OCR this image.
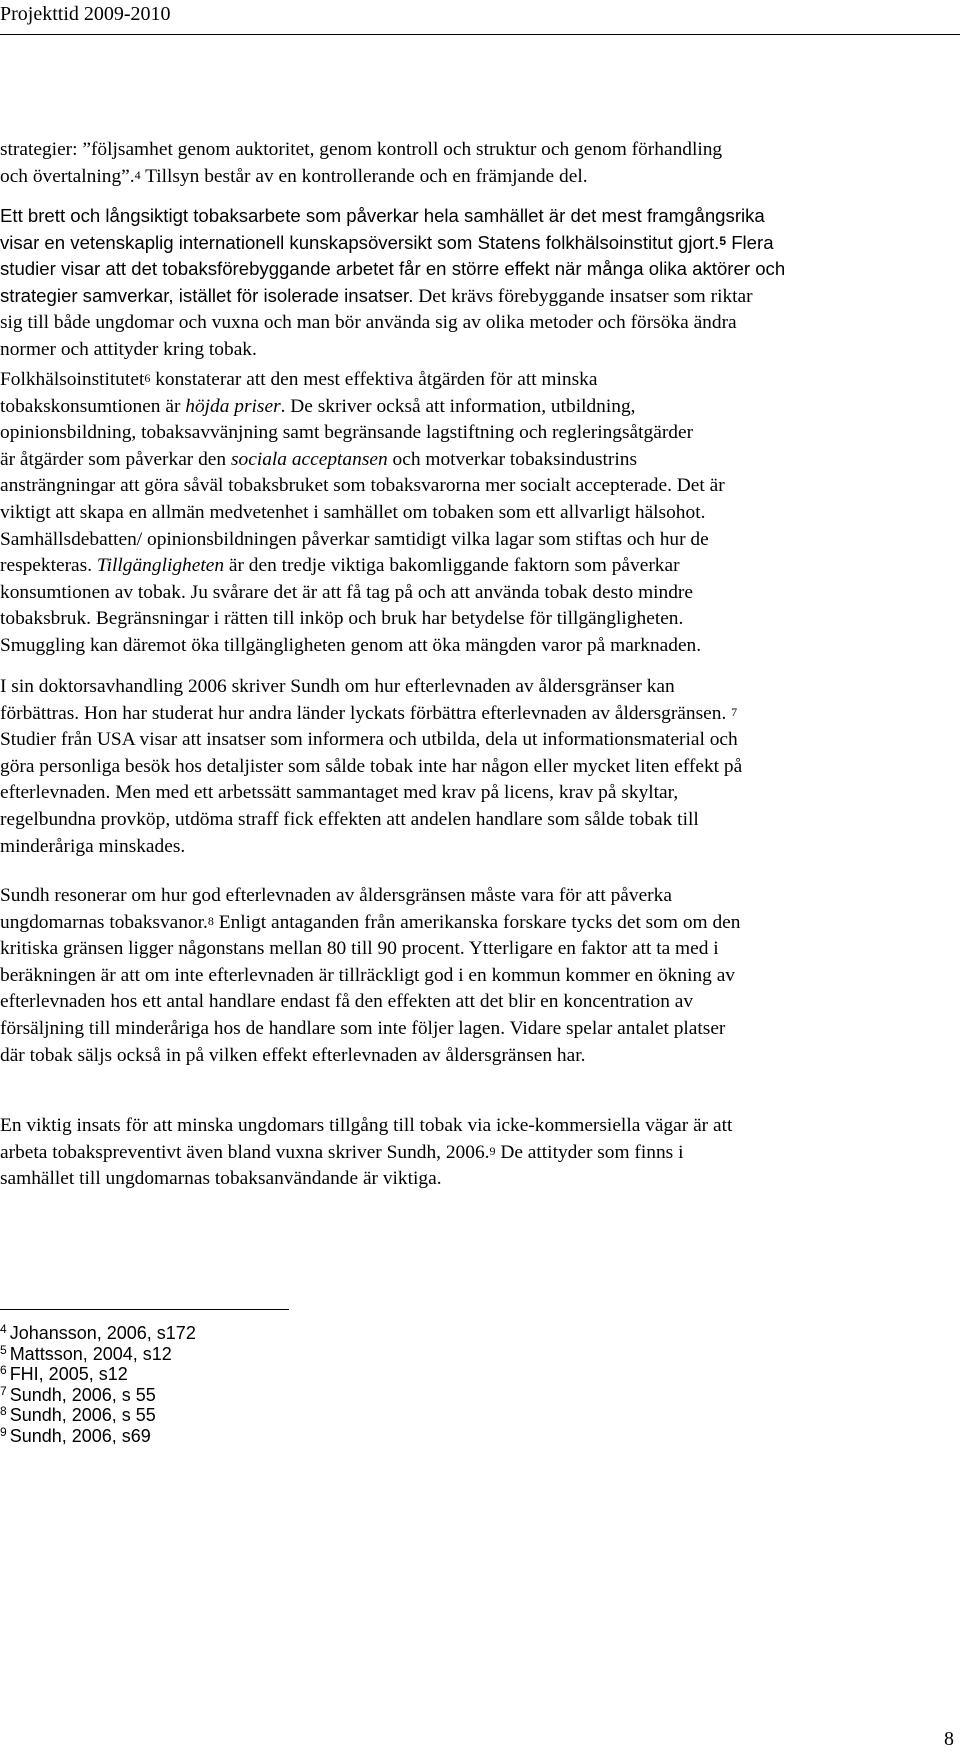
Projekttid 2009-2010
strategier: ”följsamhet genom auktoritet, genom kontroll och struktur och genom förhandling
och övertalning”.$^4$ Tillsyn består av en kontrollerande och en främjande del.
Ett brett och långsiktigt tobaksarbete som påverkar hela samhället är det mest framgångsrika
visar en vetenskaplig internationell kunskapsöversikt som Statens folkhälsoinstitut gjort.$^5$ Flera
studier visar att det tobaksförebyggande arbetet får en större effekt när många olika aktörer och
strategier samverkar, istället för isolerade insatser. Det krävs förebyggande insatser som riktar
sig till både ungdomar och vuxna och man bör använda sig av olika metoder och försöka ändra
normer och attityder kring tobak.
Folkhälsoinstitutet$^6$ konstaterar att den mest effektiva åtgärden för att minska
tobakskonsumtionen är höjda priser. De skriver också att information, utbildning,
opinionsbildning, tobaksavvänjning samt begränsande lagstiftning och regleringsåtgärder
är åtgärder som påverkar den sociala acceptansen och motverkar tobaksindustrins
ansträngningar att göra såväl tobaksbruket som tobaksvarorna mer socialt accepterade. Det är
viktigt att skapa en allmän medvetenhet i samhället om tobaken som ett allvarligt hälsohot.
Samhällsdebatten/ opinionsbildningen påverkar samtidigt vilka lagar som stiftas och hur de
respekteras. Tillgängligheten är den tredje viktiga bakomliggande faktorn som påverkar
konsumtionen av tobak. Ju svårare det är att få tag på och att använda tobak desto mindre
tobaksbruk. Begränsningar i rätten till inköp och bruk har betydelse för tillgängligheten.
Smuggling kan däremot öka tillgängligheten genom att öka mängden varor på marknaden.
I sin doktorsavhandling 2006 skriver Sundh om hur efterlevnaden av åldersgränser kan
förbättras. Hon har studerat hur andra länder lyckats förbättra efterlevnaden av åldersgränsen. $^7$
Studier från USA visar att insatser som informera och utbilda, dela ut informationsmaterial och
göra personliga besök hos detaljister som sålde tobak inte har någon eller mycket liten effekt på
efterlevnaden. Men med ett arbetssätt sammantaget med krav på licens, krav på skyltar,
regelbundna provköp, utdöma straff fick effekten att andelen handlare som sålde tobak till
minderåriga minskades.
Sundh resonerar om hur god efterlevnaden av åldersgränsen måste vara för att påverka
ungdomarnas tobaksvanor.$^8$ Enligt antaganden från amerikanska forskare tycks det som om den
kritiska gränsen ligger någonstans mellan 80 till 90 procent. Ytterligare en faktor att ta med i
beräkningen är att om inte efterlevnaden är tillräckligt god i en kommun kommer en ökning av
efterlevnaden hos ett antal handlare endast få den effekten att det blir en koncentration av
försäljning till minderåriga hos de handlare som inte följer lagen. Vidare spelar antalet platser
där tobak säljs också in på vilken effekt efterlevnaden av åldersgränsen har.
En viktig insats för att minska ungdomars tillgång till tobak via icke-kommersiella vägar är att
arbeta tobakspreventivt även bland vuxna skriver Sundh, 2006.$^9$ De attityder som finns i
samhället till ungdomarnas tobaksanvändande är viktiga.
$^4$ Johansson, 2006, s172
$^5$ Mattsson, 2004, s12
$^6$ FHI, 2005, s12
$^7$ Sundh, 2006, s 55
$^8$ Sundh, 2006, s 55
$^9$ Sundh, 2006, s69
8
